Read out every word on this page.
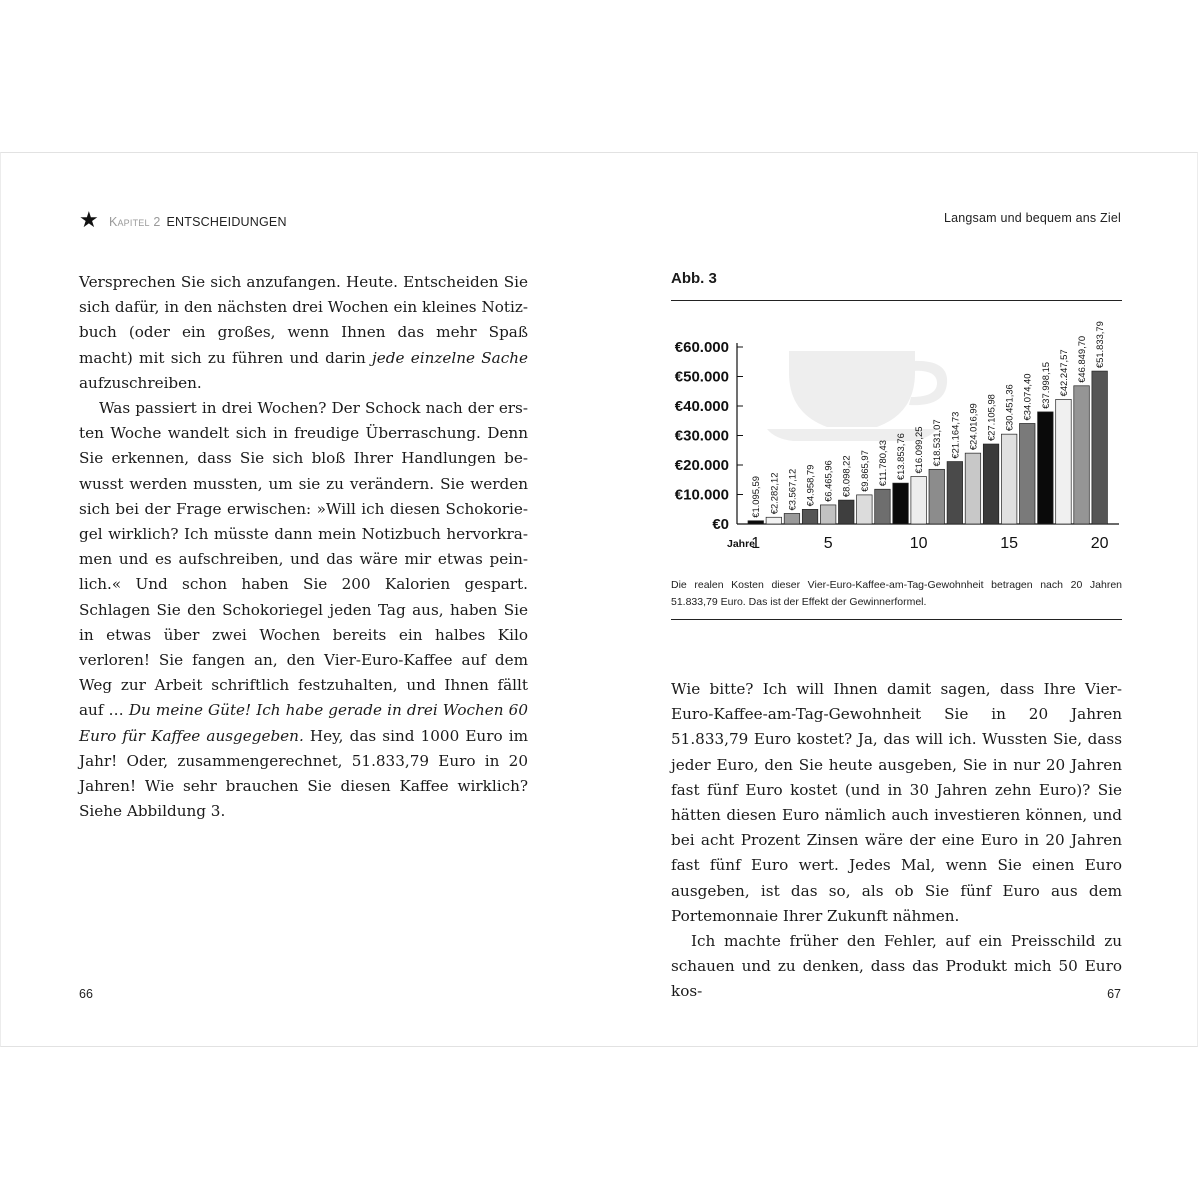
★ Kapitel 2 ENTSCHEIDUNGEN

Versprechen Sie sich anzufangen. Heute. Entscheiden Sie sich dafür, in den nächsten drei Wochen ein kleines Notizbuch (oder ein großes, wenn Ihnen das mehr Spaß macht) mit sich zu führen und darin jede einzelne Sache aufzuschreiben.

Was passiert in drei Wochen? Der Schock nach der ersten Woche wandelt sich in freudige Überraschung. Denn Sie erkennen, dass Sie sich bloß Ihrer Handlungen bewusst werden mussten, um sie zu verändern. Sie werden sich bei der Frage erwischen: »Will ich diesen Schokoriegel wirklich? Ich müsste dann mein Notizbuch hervorkramen und es aufschreiben, und das wäre mir etwas peinlich.« Und schon haben Sie 200 Kalorien gespart. Schlagen Sie den Schokoriegel jeden Tag aus, haben Sie in etwas über zwei Wochen bereits ein halbes Kilo verloren! Sie fangen an, den Vier-Euro-Kaffee auf dem Weg zur Arbeit schriftlich festzuhalten, und Ihnen fällt auf … Du meine Güte! Ich habe gerade in drei Wochen 60 Euro für Kaffee ausgegeben. Hey, das sind 1000 Euro im Jahr! Oder, zusammengerechnet, 51.833,79 Euro in 20 Jahren! Wie sehr brauchen Sie diesen Kaffee wirklich? Siehe Abbildung 3.

66
Langsam und bequem ans Ziel
Abb. 3
€0
€10.000
€20.000
€30.000
€40.000
€50.000
€60.000
€1.095,59 €2.282,12 €3.567,12 €4.958,79 €6.465,96 €8.098,22 €9.865,97 €11.780,43 €13.853,76 €16.099,25 €18.531,07 €21.164,73 €24.016,99 €27.105,98 €30.451,36 €34.074,40 €37.998,15 €42.247,57 €46.849,70 €51.833,79
Jahre
1	5	10	15	20
Die realen Kosten dieser Vier-Euro-Kaffee-am-Tag-Gewohnheit betragen nach 20 Jahren 51.833,79 Euro. Das ist der Effekt der Gewinnerformel.

Wie bitte? Ich will Ihnen damit sagen, dass Ihre Vier-Euro-Kaffee-am-Tag-Gewohnheit Sie in 20 Jahren 51.833,79 Euro kostet? Ja, das will ich. Wussten Sie, dass jeder Euro, den Sie heute ausgeben, Sie in nur 20 Jahren fast fünf Euro kostet (und in 30 Jahren zehn Euro)? Sie hätten diesen Euro nämlich auch investieren können, und bei acht Prozent Zinsen wäre der eine Euro in 20 Jahren fast fünf Euro wert. Jedes Mal, wenn Sie einen Euro ausgeben, ist das so, als ob Sie fünf Euro aus dem Portemonnaie Ihrer Zukunft nähmen.

Ich machte früher den Fehler, auf ein Preisschild zu schauen und zu denken, dass das Produkt mich 50 Euro kos-	67
